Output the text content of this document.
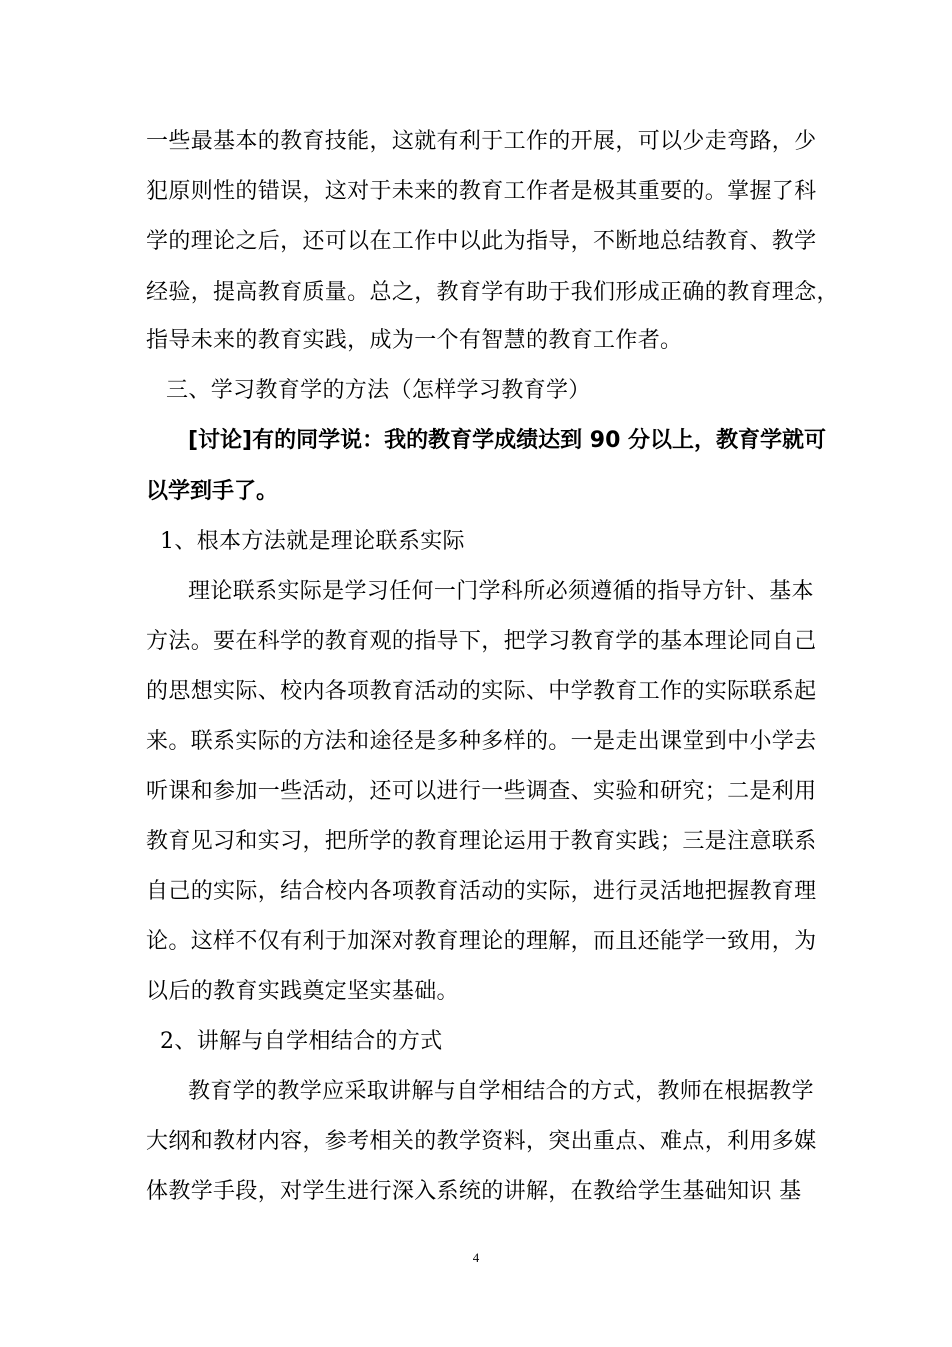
一些最基本的教育技能，这就有利于工作的开展，可以少走弯路，少
犯原则性的错误，这对于未来的教育工作者是极其重要的。掌握了科
学的理论之后，还可以在工作中以此为指导，不断地总结教育、教学
经验，提高教育质量。总之，教育学有助于我们形成正确的教育理念，
指导未来的教育实践，成为一个有智慧的教育工作者。
三、学习教育学的方法（怎样学习教育学）
[讨论]有的同学说：我的教育学成绩达到 90 分以上，教育学就可
以学到手了。
1、根本方法就是理论联系实际
理论联系实际是学习任何一门学科所必须遵循的指导方针、基本
方法。要在科学的教育观的指导下，把学习教育学的基本理论同自己
的思想实际、校内各项教育活动的实际、中学教育工作的实际联系起
来。联系实际的方法和途径是多种多样的。一是走出课堂到中小学去
听课和参加一些活动，还可以进行一些调查、实验和研究；二是利用
教育见习和实习，把所学的教育理论运用于教育实践；三是注意联系
自己的实际，结合校内各项教育活动的实际，进行灵活地把握教育理
论。这样不仅有利于加深对教育理论的理解，而且还能学一致用，为
以后的教育实践奠定坚实基础。
2、讲解与自学相结合的方式
教育学的教学应采取讲解与自学相结合的方式，教师在根据教学
大纲和教材内容，参考相关的教学资料，突出重点、难点，利用多媒
体教学手段，对学生进行深入系统的讲解，在教给学生基础知识 基
4
